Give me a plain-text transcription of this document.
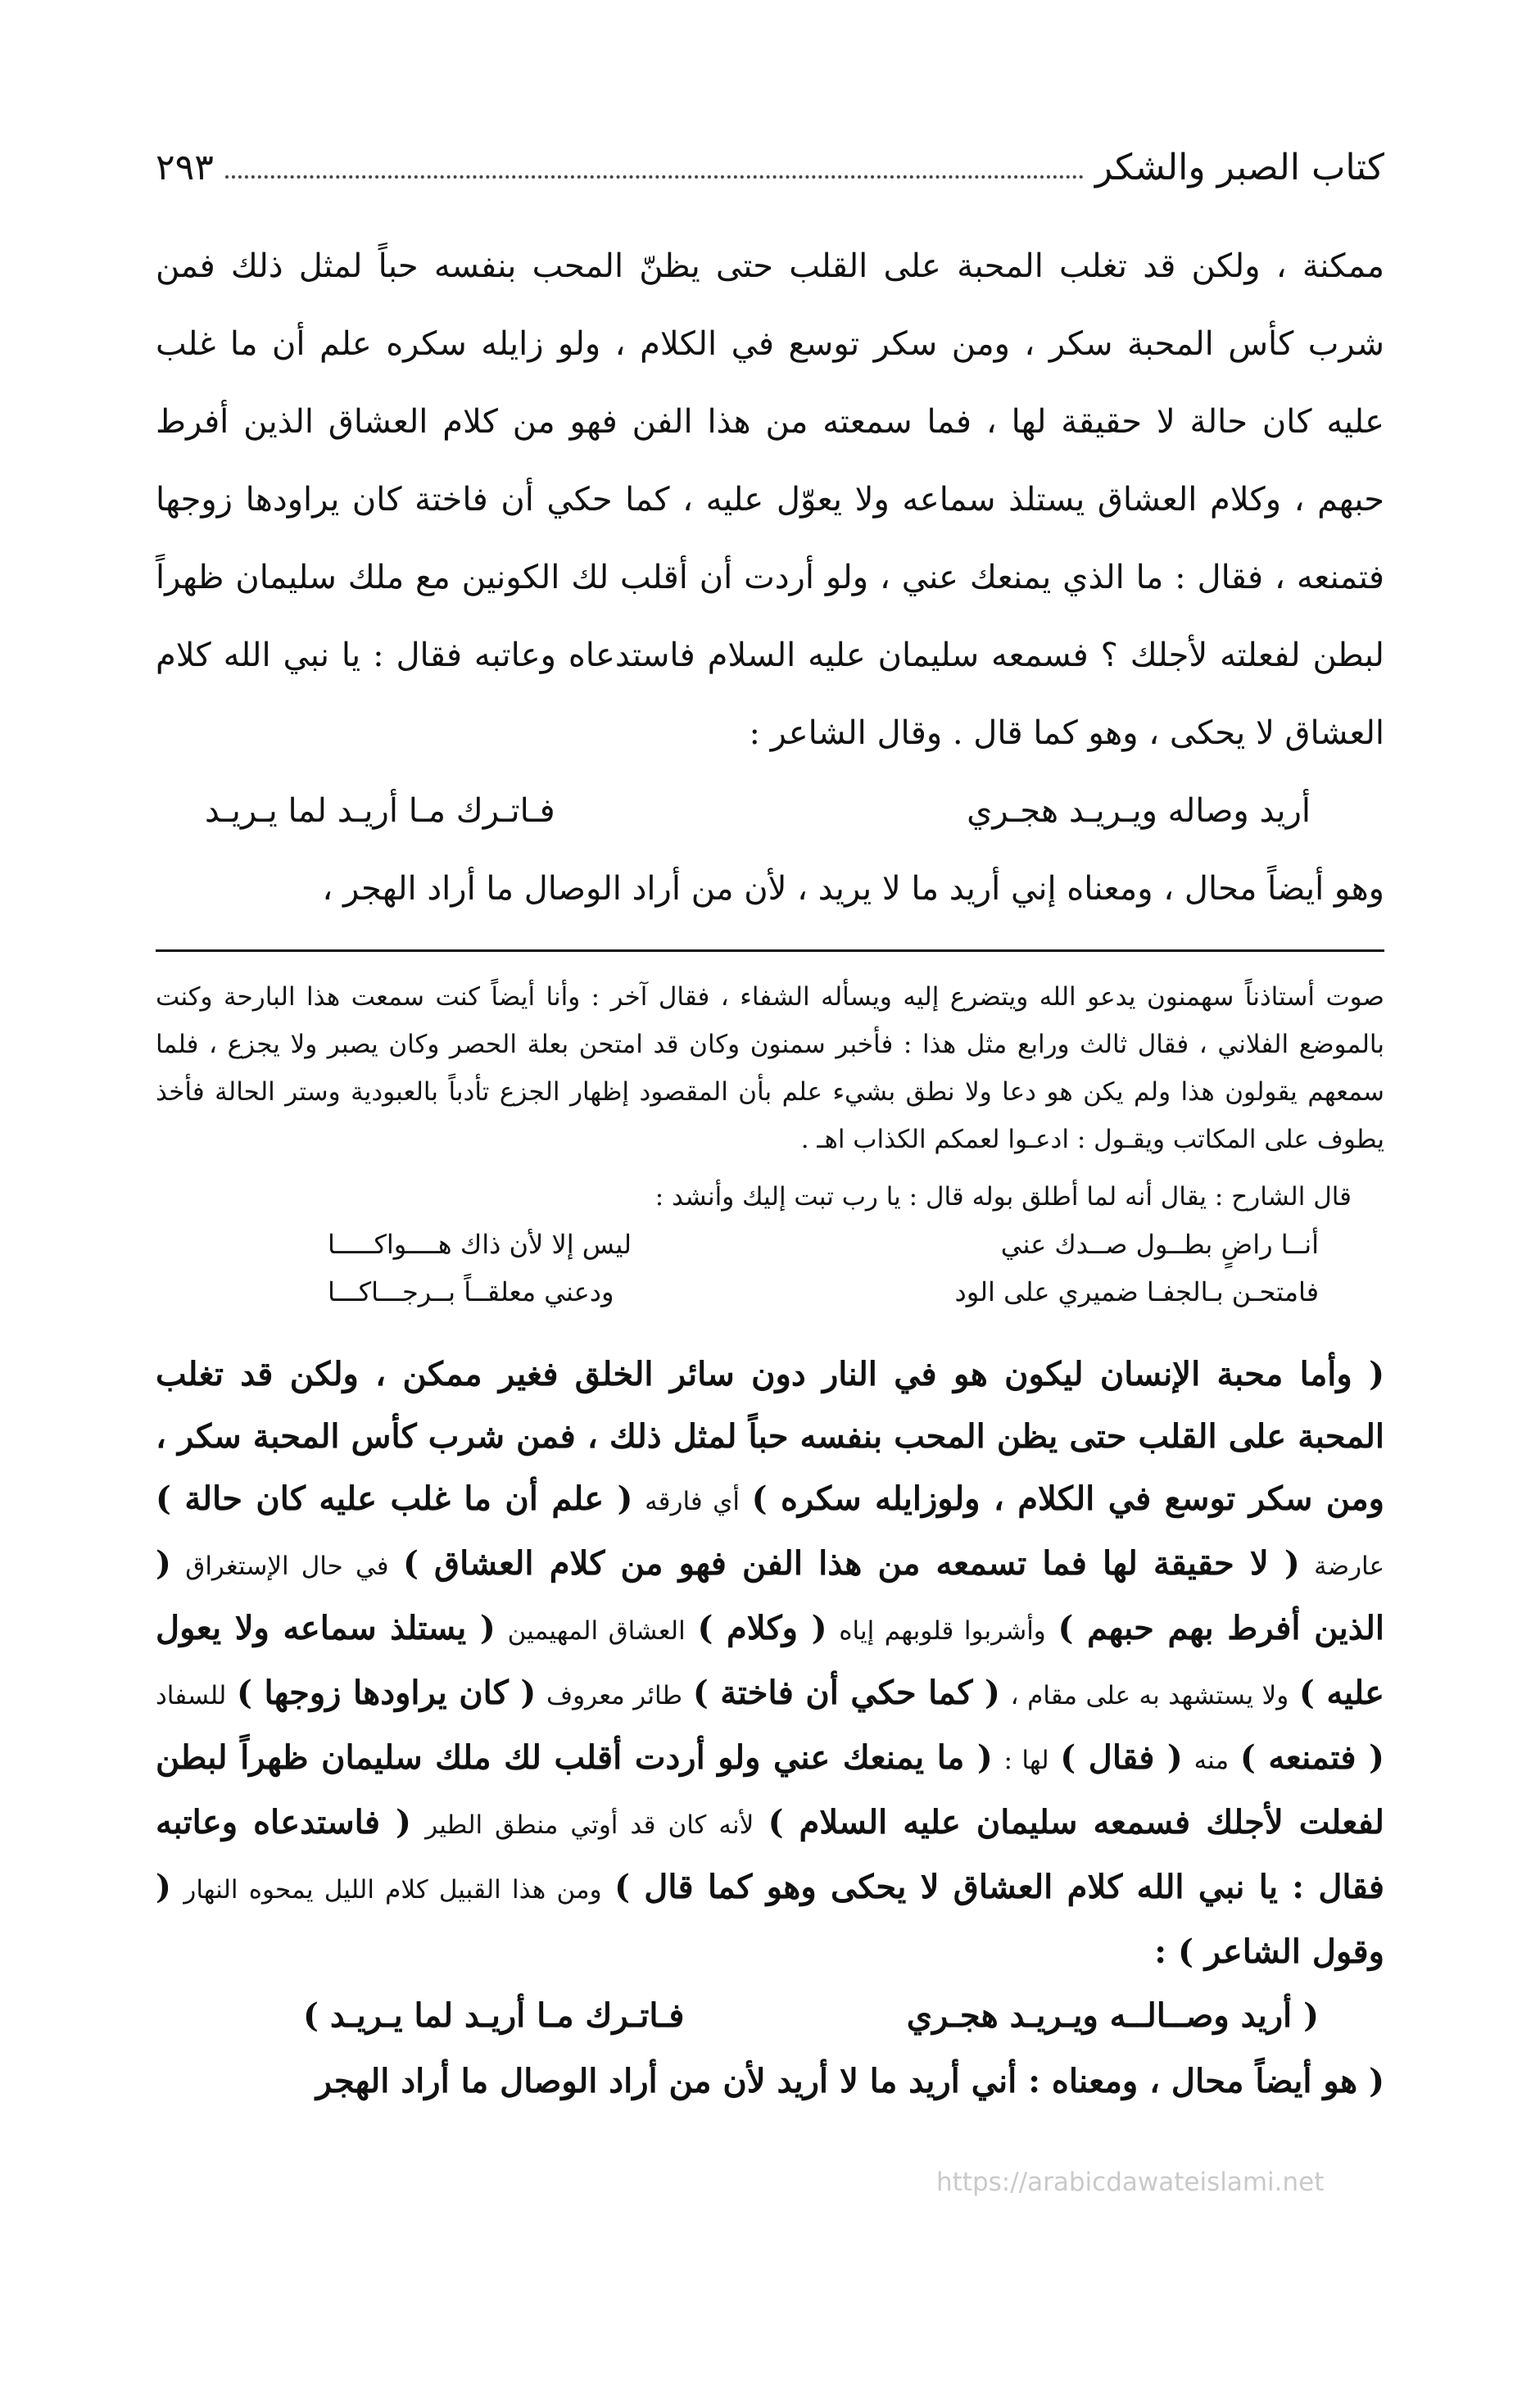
كتاب الصبر والشكر
٢٩٣

ممكنة ، ولكن قد تغلب المحبة على القلب حتى يظنّ المحب بنفسه حباً لمثل ذلك فمن شرب كأس المحبة سكر ، ومن سكر توسع في الكلام ، ولو زايله سكره علم أن ما غلب عليه كان حالة لا حقيقة لها ، فما سمعته من هذا الفن فهو من كلام العشاق الذين أفرط حبهم ، وكلام العشاق يستلذ سماعه ولا يعوّل عليه ، كما حكي أن فاختة كان يراودها زوجها فتمنعه ، فقال : ما الذي يمنعك عني ، ولو أردت أن أقلب لك الكونين مع ملك سليمان ظهراً لبطن لفعلته لأجلك ؟ فسمعه سليمان عليه السلام فاستدعاه وعاتبه فقال : يا نبي الله كلام العشاق لا يحكى ، وهو كما قال . وقال الشاعر :

أريد وصاله ويـريـد هجـري
فـاتـرك مـا أريـد لما يـريـد

وهو أيضاً محال ، ومعناه إني أريد ما لا يريد ، لأن من أراد الوصال ما أراد الهجر ،

صوت أستاذناً سهمنون يدعو الله ويتضرع إليه ويسأله الشفاء ، فقال آخر : وأنا أيضاً كنت سمعت هذا البارحة وكنت بالموضع الفلاني ، فقال ثالث ورابع مثل هذا : فأخبر سمنون وكان قد امتحن بعلة الحصر وكان يصبر ولا يجزع ، فلما سمعهم يقولون هذا ولم يكن هو دعا ولا نطق بشيء علم بأن المقصود إظهار الجزع تأدباً بالعبودية وستر الحالة فأخذ يطوف على المكاتب ويقـول : ادعـوا لعمكم الكذاب اهـ .

قال الشارح : يقال أنه لما أطلق بوله قال : يا رب تبت إليك وأنشد :

أنــا راضٍ بطــول صــدك عني
ليس إلا لأن ذاك هــــواكـــــا
فامتحـن بـالجفـا ضميري على الود
ودعني معلقــاً بــرجـــاكـــا

( وأما محبة الإنسان ليكون هو في النار دون سائر الخلق فغير ممكن ، ولكن قد تغلب المحبة على القلب حتى يظن المحب بنفسه حباً لمثل ذلك ، فمن شرب كأس المحبة سكر ، ومن سكر توسع في الكلام ، ولوزايله سكره ) أي فارقه ( علم أن ما غلب عليه كان حالة ) عارضة ( لا حقيقة لها فما تسمعه من هذا الفن فهو من كلام العشاق ) في حال الإستغراق ( الذين أفرط بهم حبهم ) وأشربوا قلوبهم إياه ( وكلام ) العشاق المهيمين ( يستلذ سماعه ولا يعول عليه ) ولا يستشهد به على مقام ، ( كما حكي أن فاختة ) طائر معروف ( كان يراودها زوجها ) للسفاد ( فتمنعه ) منه ( فقال ) لها : ( ما يمنعك عني ولو أردت أقلب لك ملك سليمان ظهراً لبطن لفعلت لأجلك فسمعه سليمان عليه السلام ) لأنه كان قد أوتي منطق الطير ( فاستدعاه وعاتبه فقال : يا نبي الله كلام العشاق لا يحكى وهو كما قال ) ومن هذا القبيل كلام الليل يمحوه النهار ( وقول الشاعر ) :

( أريد وصــالــه ويـريـد هجـري
فـاتـرك مـا أريـد لما يـريـد )
( هو أيضاً محال ، ومعناه : أني أريد ما لا أريد لأن من أراد الوصال ما أراد الهجر
https://arabicdawateislami.net
